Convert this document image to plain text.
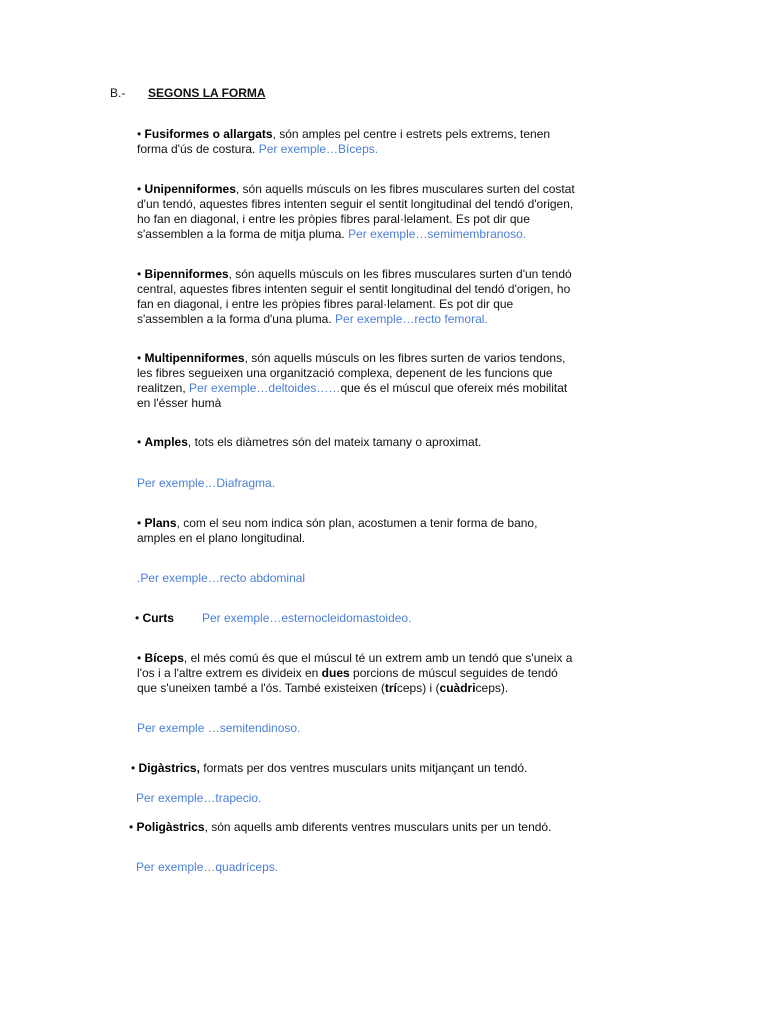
B.- SEGONS LA FORMA
• Fusiformes o allargats, són amples pel centre i estrets pels extrems, tenen
forma d'ús de costura. Per exemple…Bíceps.
• Unipenniformes, són aquells músculs on les fibres musculares surten del costat
d'un tendó, aquestes fibres intenten seguir el sentit longitudinal del tendó d'origen,
ho fan en diagonal, i entre les pròpies fibres paral·lelament. Es pot dir que
s'assemblen a la forma de mitja pluma. Per exemple…semimembranoso.
• Bipenniformes, són aquells músculs on les fibres musculares surten d'un tendó
central, aquestes fibres intenten seguir el sentit longitudinal del tendó d'origen, ho
fan en diagonal, i entre les pròpies fibres paral·lelament. Es pot dir que
s'assemblen a la forma d'una pluma. Per exemple…recto femoral.
• Multipenniformes, són aquells músculs on les fibres surten de varios tendons,
les fibres segueixen una organització complexa, depenent de les funcions que
realitzen, Per exemple…deltoides……que és el múscul que ofereix més mobilitat
en l'ésser humà
• Amples, tots els diàmetres són del mateix tamany o aproximat.
Per exemple…Diafragma.
• Plans, com el seu nom indica són plan, acostumen a tenir forma de bano,
amples en el plano longitudinal.
.Per exemple…recto abdominal
• Curts Per exemple…esternocleidomastoideo.
• Bíceps, el més comú és que el múscul té un extrem amb un tendó que s'uneix a
l'os i a l'altre extrem es divideix en dues porcions de múscul seguides de tendó
que s'uneixen també a l'ós. També existeixen (tríceps) i (cuàdriceps).
Per exemple …semitendinoso.
• Digàstrics, formats per dos ventres musculars units mitjançant un tendó.
Per exemple…trapecio.
• Poligàstrics, són aquells amb diferents ventres musculars units per un tendó.
Per exemple…quadríceps.
